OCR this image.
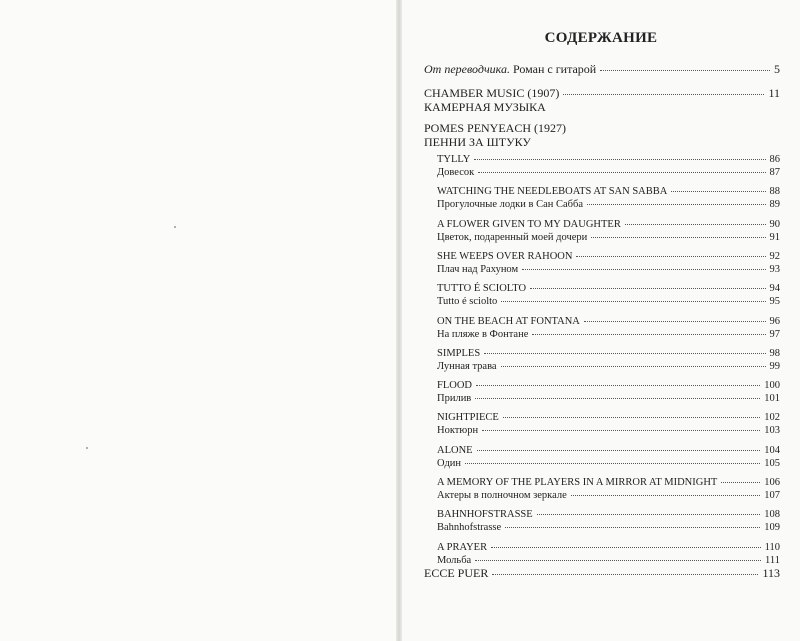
СОДЕРЖАНИЕ
От переводчика. Роман с гитарой	5
CHAMBER MUSIC (1907)	11
КАМЕРНАЯ МУЗЫКА
POMES PENYEACH (1927)
ПЕННИ ЗА ШТУКУ
TYLLY	86
Довесок	87
WATCHING THE NEEDLEBOATS AT SAN SABBA	88
Прогулочные лодки в Сан Сабба	89
A FLOWER GIVEN TO MY DAUGHTER	90
Цветок, подаренный моей дочери	91
SHE WEEPS OVER RAHOON	92
Плач над Рахуном	93
TUTTO É SCIOLTO	94
Tutto é sciolto	95
ON THE BEACH AT FONTANA	96
На пляже в Фонтане	97
SIMPLES	98
Лунная трава	99
FLOOD	100
Прилив	101
NIGHTPIECE	102
Ноктюрн	103
ALONE	104
Один	105
A MEMORY OF THE PLAYERS IN A MIRROR AT MIDNIGHT	106
Актеры в полночном зеркале	107
BAHNHOFSTRASSE	108
Bahnhofstrasse	109
A PRAYER	110
Мольба	111
ECCE PUER	113
